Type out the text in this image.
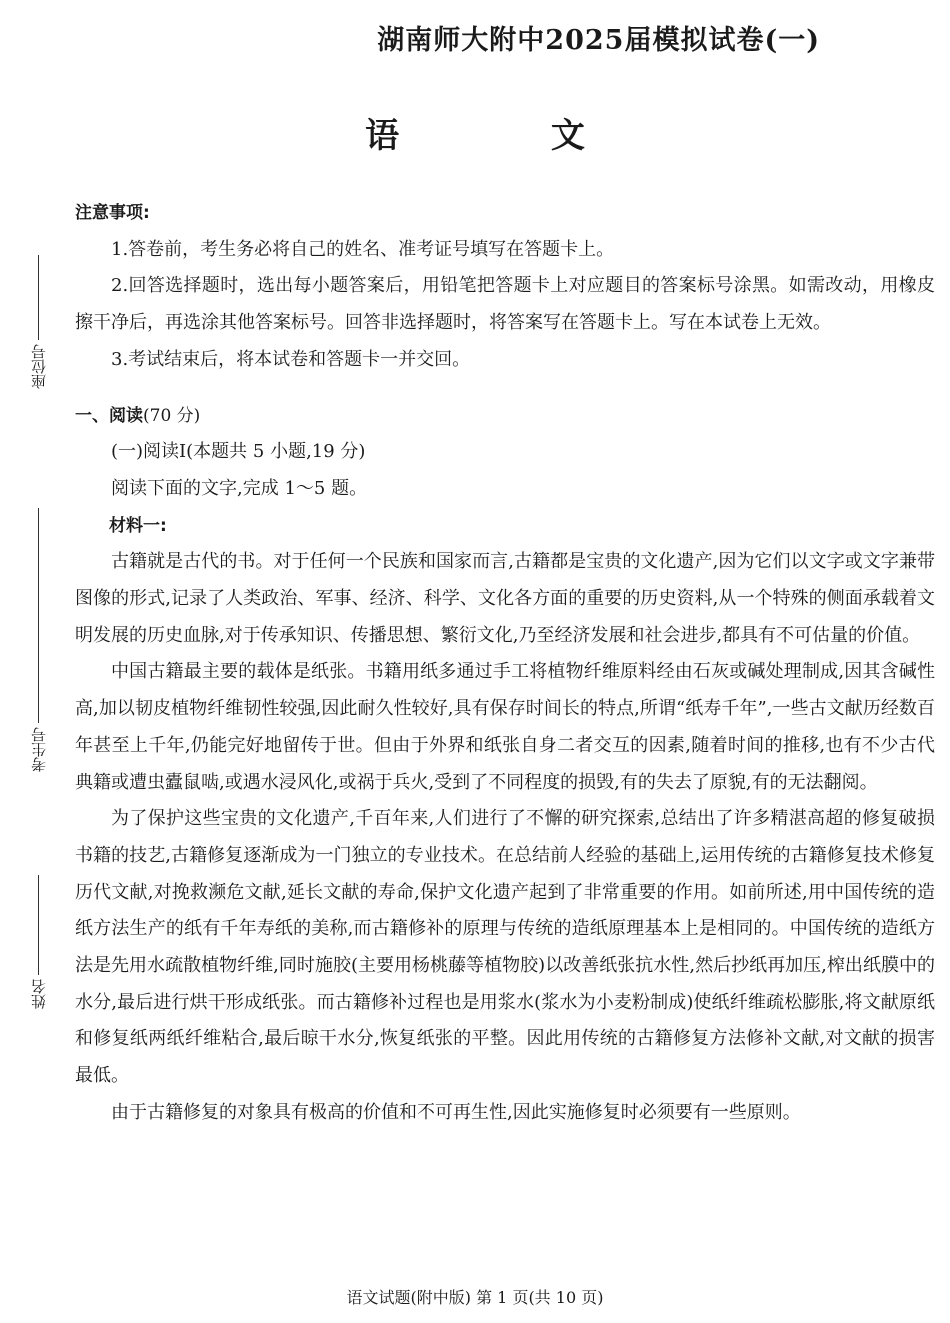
湖南师大附中2025届模拟试卷(一)
语 文
座位号
考生号
姓名

注意事项:

1.答卷前，考生务必将自己的姓名、准考证号填写在答题卡上。

2.回答选择题时，选出每小题答案后，用铅笔把答题卡上对应题目的答案标号涂黑。如需改动，用橡皮擦干净后，再选涂其他答案标号。回答非选择题时，将答案写在答题卡上。写在本试卷上无效。

3.考试结束后，将本试卷和答题卡一并交回。

一、阅读(70 分)

(一)阅读Ⅰ(本题共 5 小题,19 分)

阅读下面的文字,完成 1～5 题。

材料一:

古籍就是古代的书。对于任何一个民族和国家而言,古籍都是宝贵的文化遗产,因为它们以文字或文字兼带图像的形式,记录了人类政治、军事、经济、科学、文化各方面的重要的历史资料,从一个特殊的侧面承载着文明发展的历史血脉,对于传承知识、传播思想、繁衍文化,乃至经济发展和社会进步,都具有不可估量的价值。

中国古籍最主要的载体是纸张。书籍用纸多通过手工将植物纤维原料经由石灰或碱处理制成,因其含碱性高,加以韧皮植物纤维韧性较强,因此耐久性较好,具有保存时间长的特点,所谓“纸寿千年”,一些古文献历经数百年甚至上千年,仍能完好地留传于世。但由于外界和纸张自身二者交互的因素,随着时间的推移,也有不少古代典籍或遭虫蠹鼠啮,或遇水浸风化,或祸于兵火,受到了不同程度的损毁,有的失去了原貌,有的无法翻阅。

为了保护这些宝贵的文化遗产,千百年来,人们进行了不懈的研究探索,总结出了许多精湛高超的修复破损书籍的技艺,古籍修复逐渐成为一门独立的专业技术。在总结前人经验的基础上,运用传统的古籍修复技术修复历代文献,对挽救濒危文献,延长文献的寿命,保护文化遗产起到了非常重要的作用。如前所述,用中国传统的造纸方法生产的纸有千年寿纸的美称,而古籍修补的原理与传统的造纸原理基本上是相同的。中国传统的造纸方法是先用水疏散植物纤维,同时施胶(主要用杨桃藤等植物胶)以改善纸张抗水性,然后抄纸再加压,榨出纸膜中的水分,最后进行烘干形成纸张。而古籍修补过程也是用浆水(浆水为小麦粉制成)使纸纤维疏松膨胀,将文献原纸和修复纸两纸纤维粘合,最后晾干水分,恢复纸张的平整。因此用传统的古籍修复方法修补文献,对文献的损害最低。

由于古籍修复的对象具有极高的价值和不可再生性,因此实施修复时必须要有一些原则。

语文试题(附中版) 第 1 页(共 10 页)
